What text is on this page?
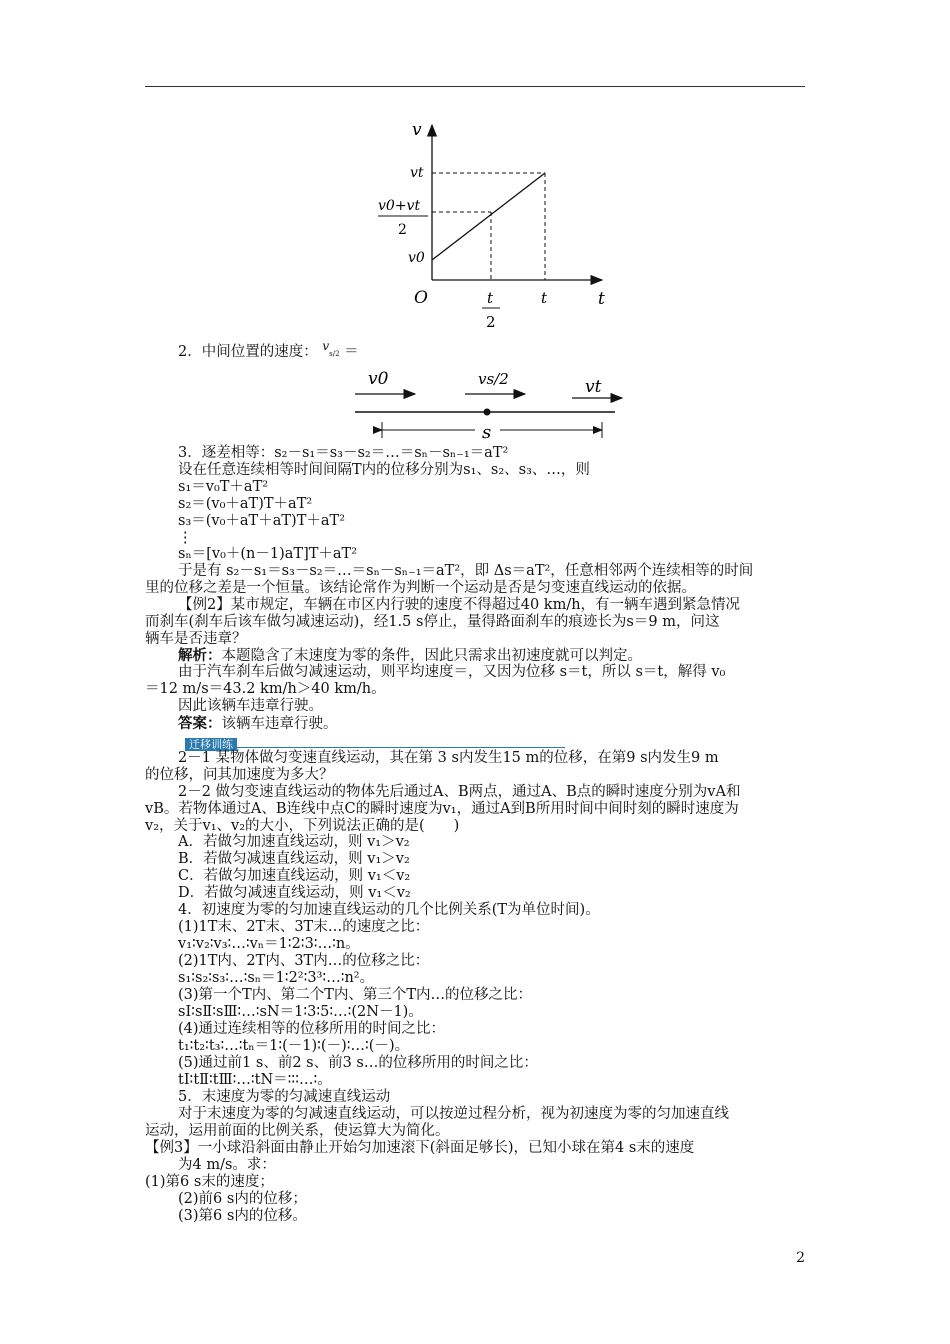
v
t
O
vt
v0
v0+vt
2
t
2
t
2．中间位置的速度： $^v$s/2 ＝
v0	vs/2	vt
s
3．逐差相等：s₂－s₁＝s₃－s₂＝…＝sₙ－sₙ₋₁＝aT²
设在任意连续相等时间间隔T内的位移分别为s₁、s₂、s₃、…，则
s₁＝v₀T＋aT²
s₂＝(v₀＋aT)T＋aT²
s₃＝(v₀＋aT＋aT)T＋aT²
⋮
sₙ＝[v₀＋(n－1)aT]T＋aT²
于是有 s₂－s₁＝s₃－s₂＝…＝sₙ－sₙ₋₁＝aT²，即 Δs＝aT²，任意相邻两个连续相等的时间
里的位移之差是一个恒量。该结论常作为判断一个运动是否是匀变速直线运动的依据。
【例2】某市规定，车辆在市区内行驶的速度不得超过40 km/h，有一辆车遇到紧急情况
而刹车(刹车后该车做匀减速运动)，经1.5 s停止，量得路面刹车的痕迹长为s＝9 m，问这
辆车是否违章？
解析：本题隐含了末速度为零的条件，因此只需求出初速度就可以判定。
由于汽车刹车后做匀减速运动，则平均速度＝，又因为位移 s＝t，所以 s＝t，解得 v₀
＝12 m/s＝43.2 km/h＞40 km/h。
因此该辆车违章行驶。
答案：该辆车违章行驶。
迁移训练
2－1 某物体做匀变速直线运动，其在第 3 s内发生15 m的位移，在第9 s内发生9 m
的位移，问其加速度为多大？
2－2 做匀变速直线运动的物体先后通过A、B两点，通过A、B点的瞬时速度分别为vA和
vB。若物体通过A、B连线中点C的瞬时速度为v₁，通过A到B所用时间中间时刻的瞬时速度为
v₂，关于v₁、v₂的大小，下列说法正确的是(　　)
A．若做匀加速直线运动，则 v₁＞v₂
B．若做匀减速直线运动，则 v₁＞v₂
C．若做匀加速直线运动，则 v₁＜v₂
D．若做匀减速直线运动，则 v₁＜v₂
4．初速度为零的匀加速直线运动的几个比例关系(T为单位时间)。
(1)1T末、2T末、3T末…的速度之比：
v₁∶v₂∶v₃∶…∶vₙ＝1∶2∶3∶…∶n。
(2)1T内、2T内、3T内…的位移之比：
s₁∶s₂∶s₃∶…∶sₙ＝1∶2²∶3³∶…∶n²。
(3)第一个T内、第二个T内、第三个T内…的位移之比：
sⅠ∶sⅡ∶sⅢ∶…∶sN＝1∶3∶5∶…∶(2N－1)。
(4)通过连续相等的位移所用的时间之比：
t₁∶t₂∶t₃∶…∶tₙ＝1∶(－1)∶(－)∶…∶(－)。
(5)通过前1 s、前2 s、前3 s…的位移所用的时间之比：
tⅠ∶tⅡ∶tⅢ∶…∶tN＝∶∶∶…∶。
5．末速度为零的匀减速直线运动
对于末速度为零的匀减速直线运动，可以按逆过程分析，视为初速度为零的匀加速直线
运动，运用前面的比例关系，使运算大为简化。
【例3】一小球沿斜面由静止开始匀加速滚下(斜面足够长)，已知小球在第4 s末的速度
为4 m/s。求：
(1)第6 s末的速度；
(2)前6 s内的位移；
(3)第6 s内的位移。
2
